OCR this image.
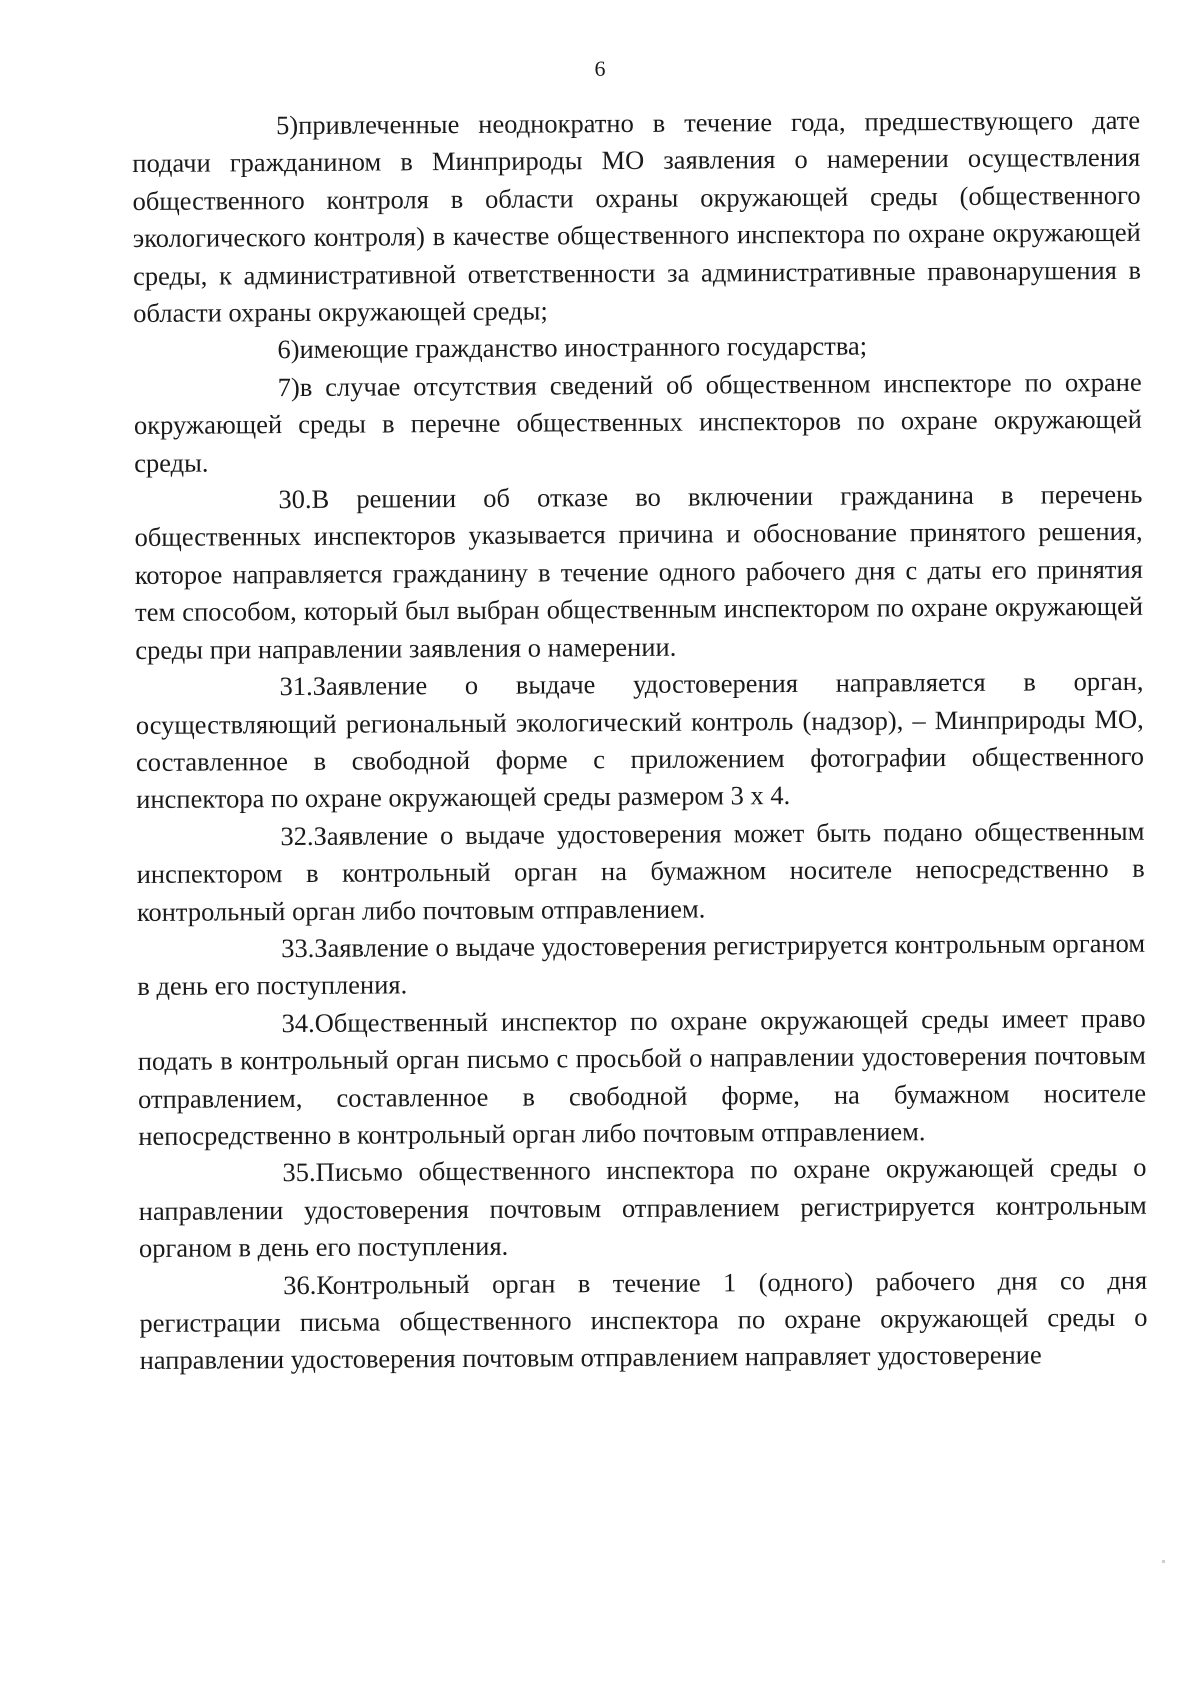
6

5)привлеченные неоднократно в течение года, предшествующего дате подачи гражданином в Минприроды МО заявления о намерении осуществления общественного контроля в области охраны окружающей среды (общественного экологического контроля) в качестве общественного инспектора по охране окружающей среды, к административной ответственности за административные правонарушения в области охраны окружающей среды;

6)имеющие гражданство иностранного государства;

7)в случае отсутствия сведений об общественном инспекторе по охране окружающей среды в перечне общественных инспекторов по охране окружающей среды.

30.В решении об отказе во включении гражданина в перечень общественных инспекторов указывается причина и обоснование принятого решения, которое направляется гражданину в течение одного рабочего дня с даты его принятия тем способом, который был выбран общественным инспектором по охране окружающей среды при направлении заявления о намерении.

31.Заявление о выдаче удостоверения направляется в орган, осуществляющий региональный экологический контроль (надзор), – Минприроды МО, составленное в свободной форме с приложением фотографии общественного инспектора по охране окружающей среды размером 3 х 4.

32.Заявление о выдаче удостоверения может быть подано общественным инспектором в контрольный орган на бумажном носителе непосредственно в контрольный орган либо почтовым отправлением.

33.Заявление о выдаче удостоверения регистрируется контрольным органом в день его поступления.

34.Общественный инспектор по охране окружающей среды имеет право подать в контрольный орган письмо с просьбой о направлении удостоверения почтовым отправлением, составленное в свободной форме, на бумажном носителе непосредственно в контрольный орган либо почтовым отправлением.

35.Письмо общественного инспектора по охране окружающей среды о направлении удостоверения почтовым отправлением регистрируется контрольным органом в день его поступления.

36.Контрольный орган в течение 1 (одного) рабочего дня со дня регистрации письма общественного инспектора по охране окружающей среды о направлении удостоверения почтовым отправлением направляет удостоверение
